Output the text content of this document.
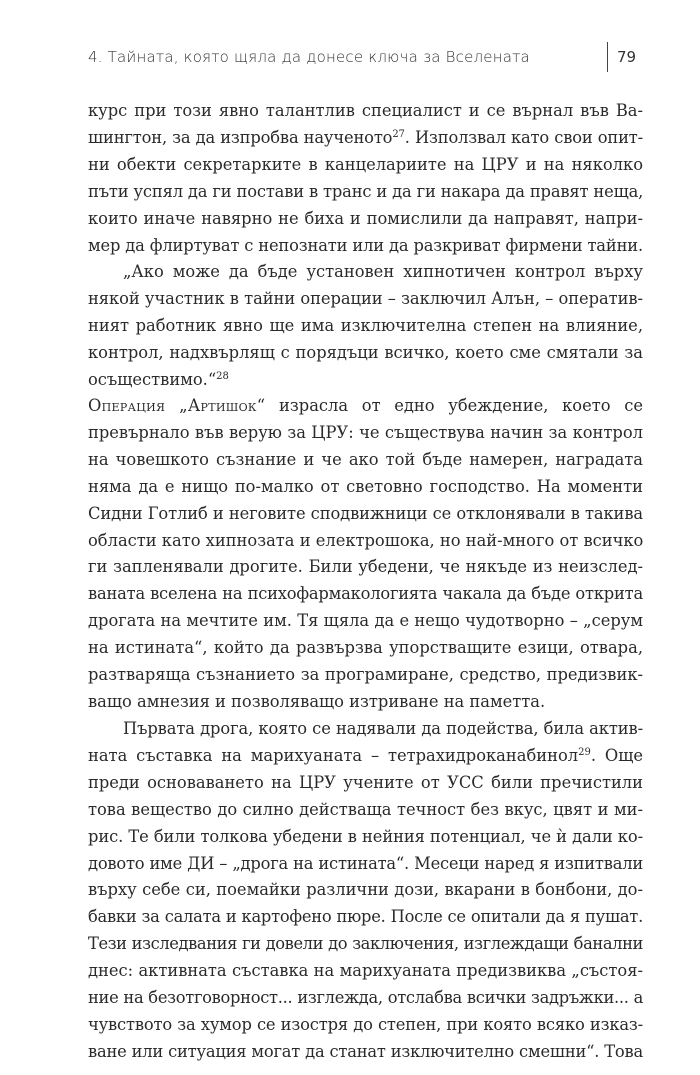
4. Тайната, която щяла да донесе ключа за Вселената	79
курс при този явно талантлив специалист и се върнал във Ва-
шингтон, за да изпробва наученото$^{27}$. Използвал като свои опит-
ни обекти секретарките в канцелариите на ЦРУ и на няколко
пъти успял да ги постави в транс и да ги накара да правят неща,
които иначе навярно не биха и помислили да направят, напри-
мер да флиртуват с непознати или да разкриват фирмени тайни.
„Ако може да бъде установен хипнотичен контрол върху
някой участник в тайни операции – заключил Алън, – оператив-
ният работник явно ще има изключителна степен на влияние,
контрол, надхвърлящ с порядъци всичко, което сме смятали за
осъществимо.“$^{28}$
Операция „Артишок“ израсла от едно убеждение, което се
превърнало във верую за ЦРУ: че съществува начин за контрол
на човешкото съзнание и че ако той бъде намерен, наградата
няма да е нищо по-малко от световно господство. На моменти
Сидни Готлиб и неговите сподвижници се отклонявали в такива
области като хипнозата и електрошока, но най-много от всичко
ги запленявали дрогите. Били убедени, че някъде из неизслед-
ваната вселена на психофармакологията чакала да бъде открита
дрогата на мечтите им. Тя щяла да е нещо чудотворно – „серум
на истината“, който да развързва упорстващите езици, отвара,
разтваряща съзнанието за програмиране, средство, предизвик-
ващо амнезия и позволяващо изтриване на паметта.
Първата дрога, която се надявали да подейства, била актив-
ната съставка на марихуаната – тетрахидроканабинол$^{29}$. Още
преди основаването на ЦРУ учените от УСС били пречистили
това вещество до силно действаща течност без вкус, цвят и ми-
рис. Те били толкова убедени в нейния потенциал, че ѝ дали ко-
довото име ДИ – „дрога на истината“. Месеци наред я изпитвали
върху себе си, поемайки различни дози, вкарани в бонбони, до-
бавки за салата и картофено пюре. После се опитали да я пушат.
Тези изследвания ги довели до заключения, изглеждащи банални
днес: активната съставка на марихуаната предизвиква „състоя-
ние на безотговорност... изглежда, отслабва всички задръжки... а
чувството за хумор се изостря до степен, при която всяко изказ-
ване или ситуация могат да станат изключително смешни“. Това
